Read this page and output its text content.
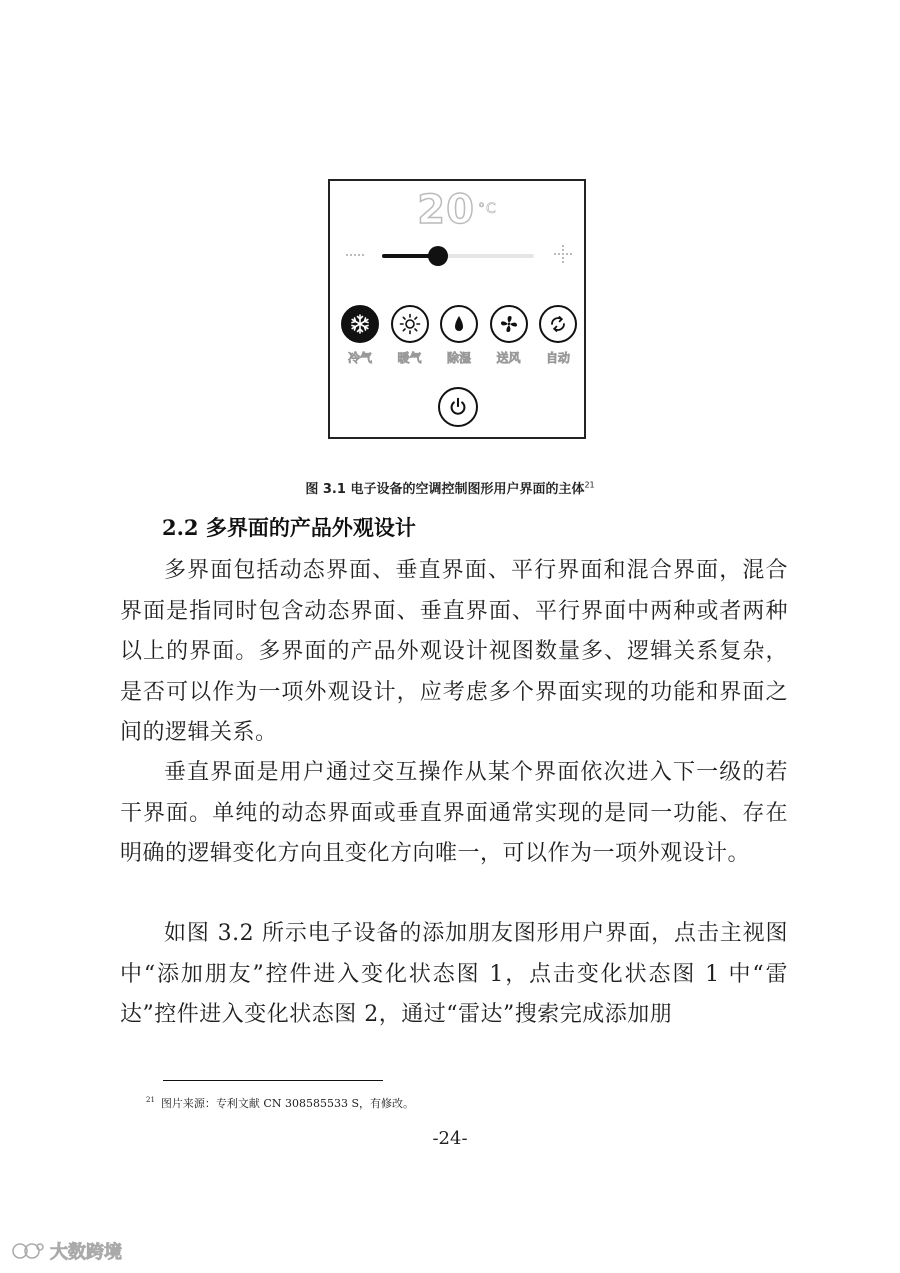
20 $^{^\circ C}$
冷气	暖气	除湿	送风	自动
图 3.1 电子设备的空调控制图形用户界面的主体$^{21}$
2.2 多界面的产品外观设计
多界面包括动态界面、垂直界面、平行界面和混合界面，混合界面是指同时包含动态界面、垂直界面、平行界面中两种或者两种以上的界面。多界面的产品外观设计视图数量多、逻辑关系复杂，是否可以作为一项外观设计，应考虑多个界面实现的功能和界面之间的逻辑关系。
垂直界面是用户通过交互操作从某个界面依次进入下一级的若干界面。单纯的动态界面或垂直界面通常实现的是同一功能、存在明确的逻辑变化方向且变化方向唯一，可以作为一项外观设计。
如图 3.2 所示电子设备的添加朋友图形用户界面，点击主视图中“添加朋友”控件进入变化状态图 1，点击变化状态图 1 中“雷达”控件进入变化状态图 2，通过“雷达”搜索完成添加朋
$^{21}$ 图片来源：专利文献 CN 308585533 S，有修改。
-24-
大数跨境
